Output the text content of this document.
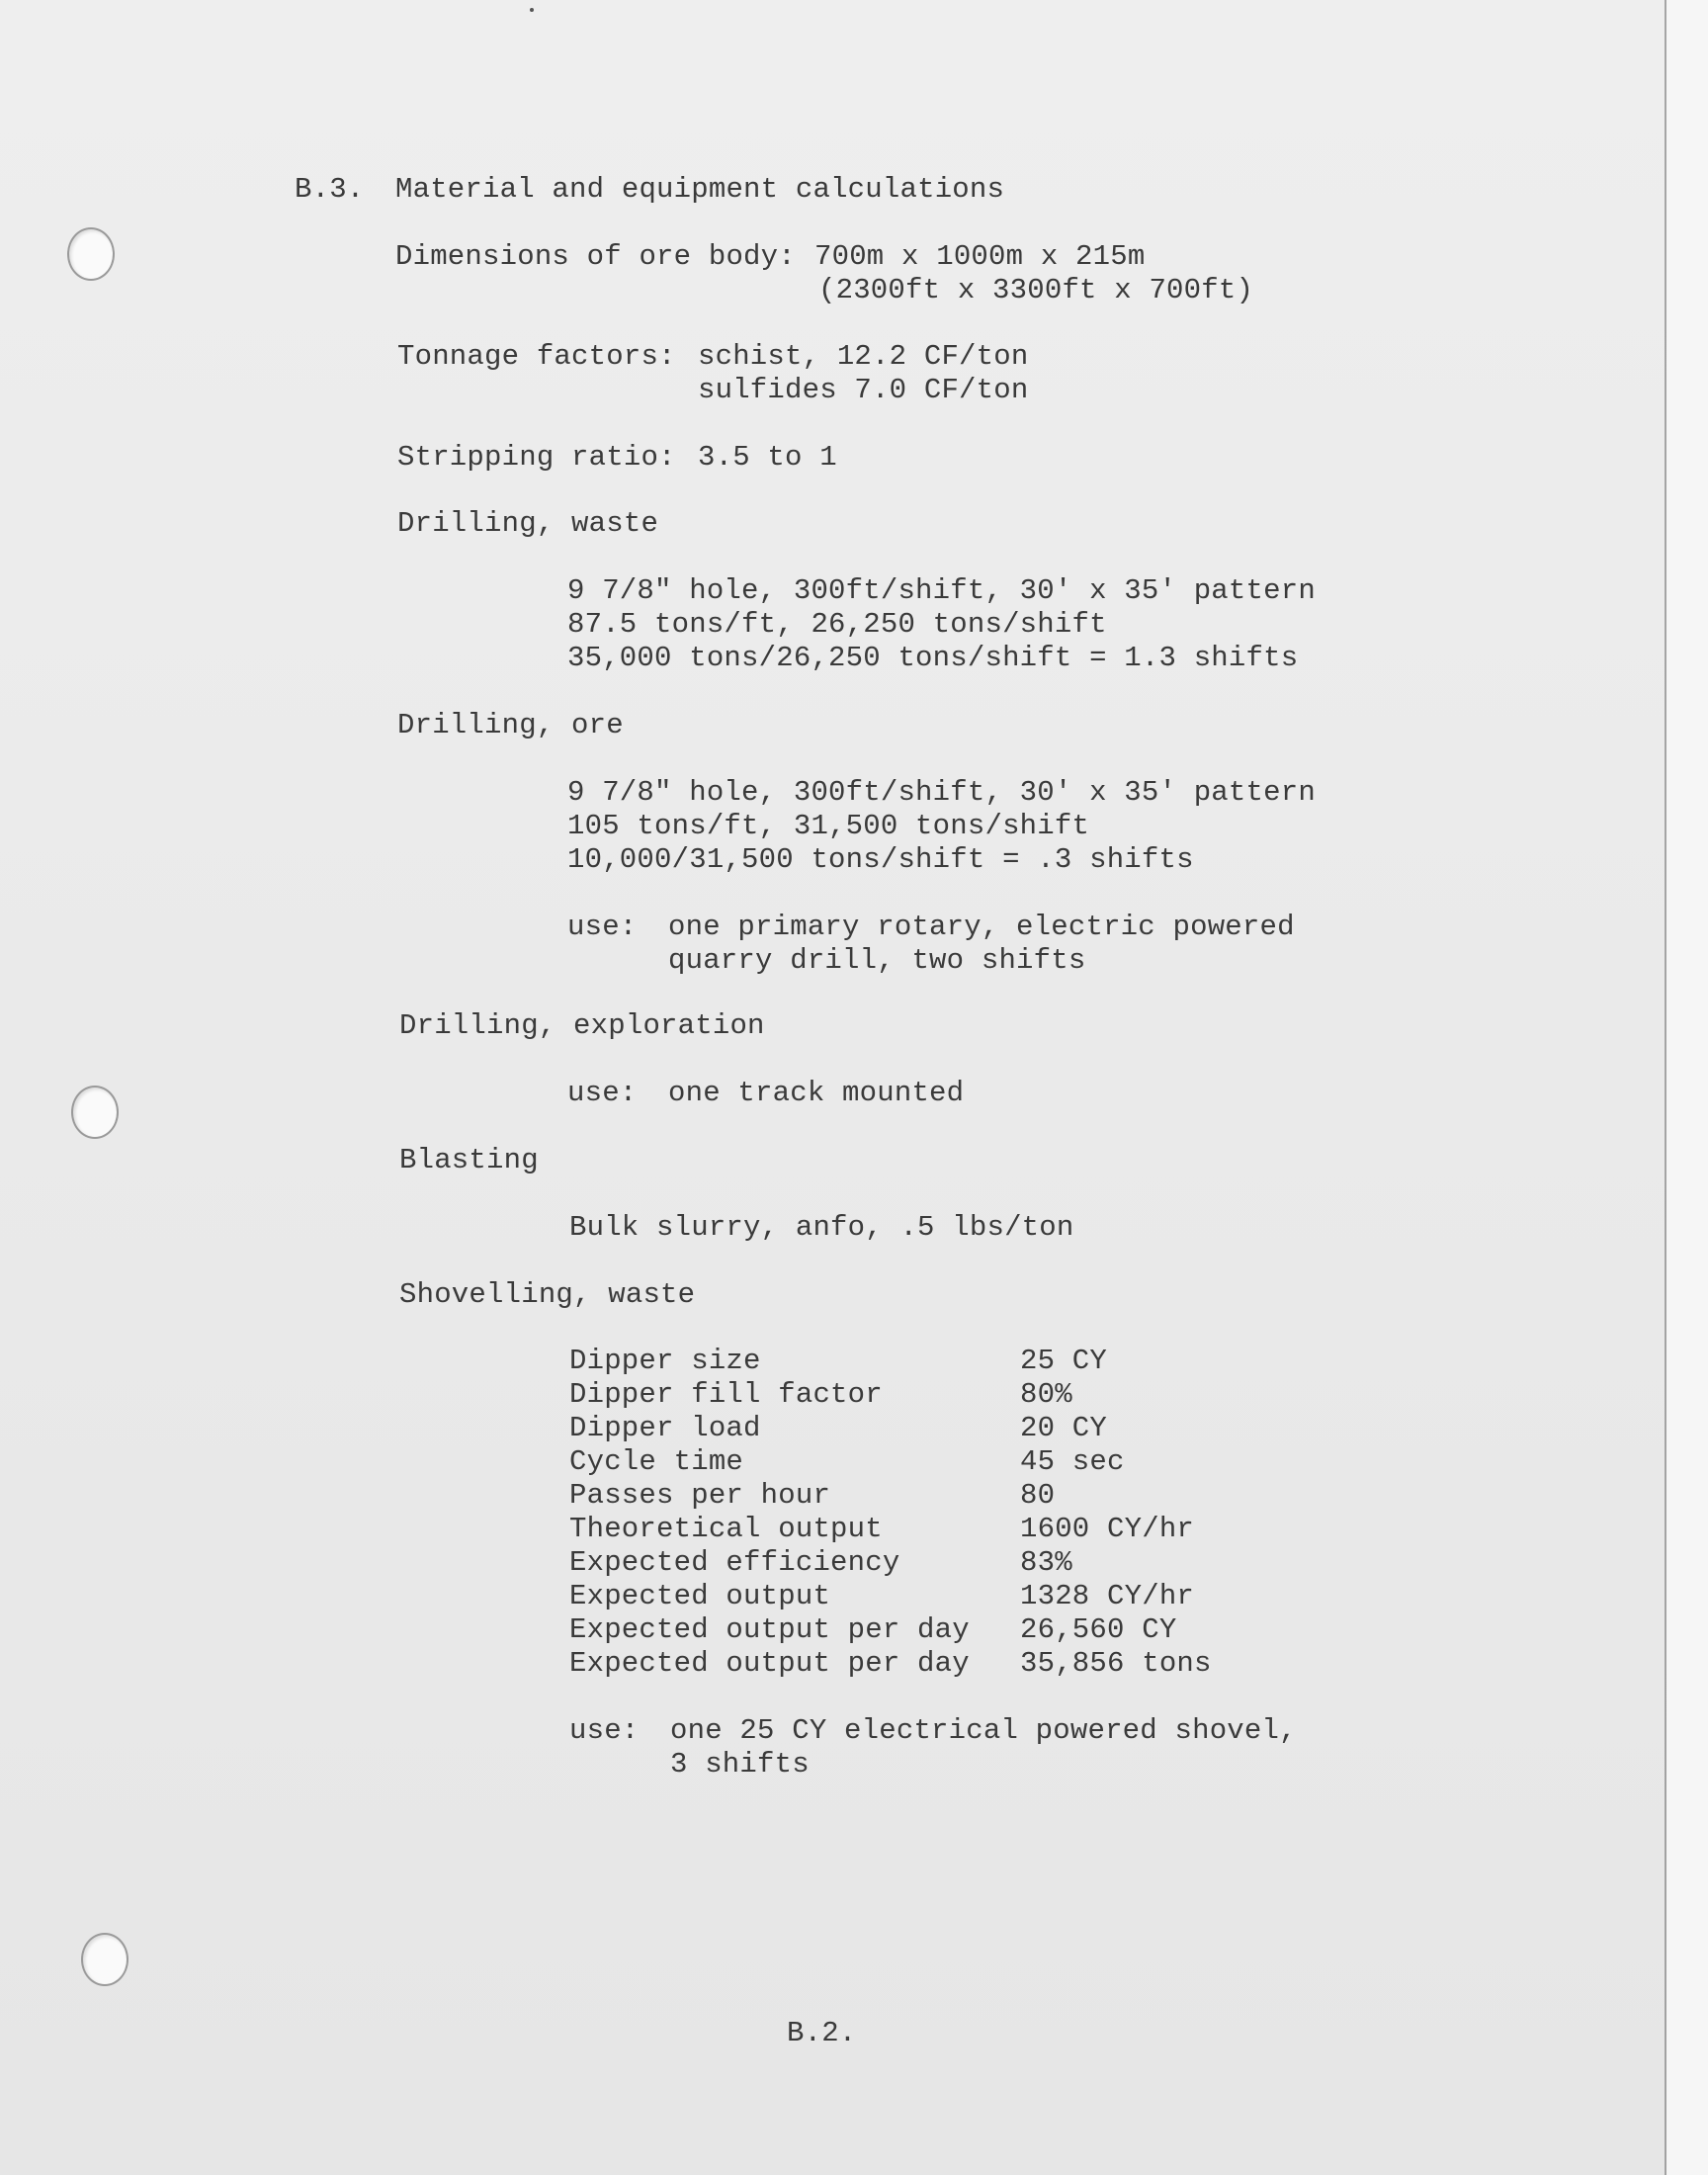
B.3. Material and equipment calculations
Dimensions of ore body: 700m x 1000m x 215m
(2300ft x 3300ft x 700ft)
Tonnage factors: schist, 12.2 CF/ton
sulfides 7.0 CF/ton
Stripping ratio: 3.5 to 1
Drilling, waste
9 7/8" hole, 300ft/shift, 30' x 35' pattern
87.5 tons/ft, 26,250 tons/shift
35,000 tons/26,250 tons/shift = 1.3 shifts
Drilling, ore
9 7/8" hole, 300ft/shift, 30' x 35' pattern
105 tons/ft, 31,500 tons/shift
10,000/31,500 tons/shift = .3 shifts
use: one primary rotary, electric powered
quarry drill, two shifts
Drilling, exploration
use: one track mounted
Blasting
Bulk slurry, anfo, .5 lbs/ton
Shovelling, waste
Dipper size	25 CY
Dipper fill factor	80%
Dipper load	20 CY
Cycle time	45 sec
Passes per hour	80
Theoretical output	1600 CY/hr
Expected efficiency	83%
Expected output	1328 CY/hr
Expected output per day 26,560 CY
Expected output per day 35,856 tons
use: one 25 CY electrical powered shovel,
3 shifts
B.2.
